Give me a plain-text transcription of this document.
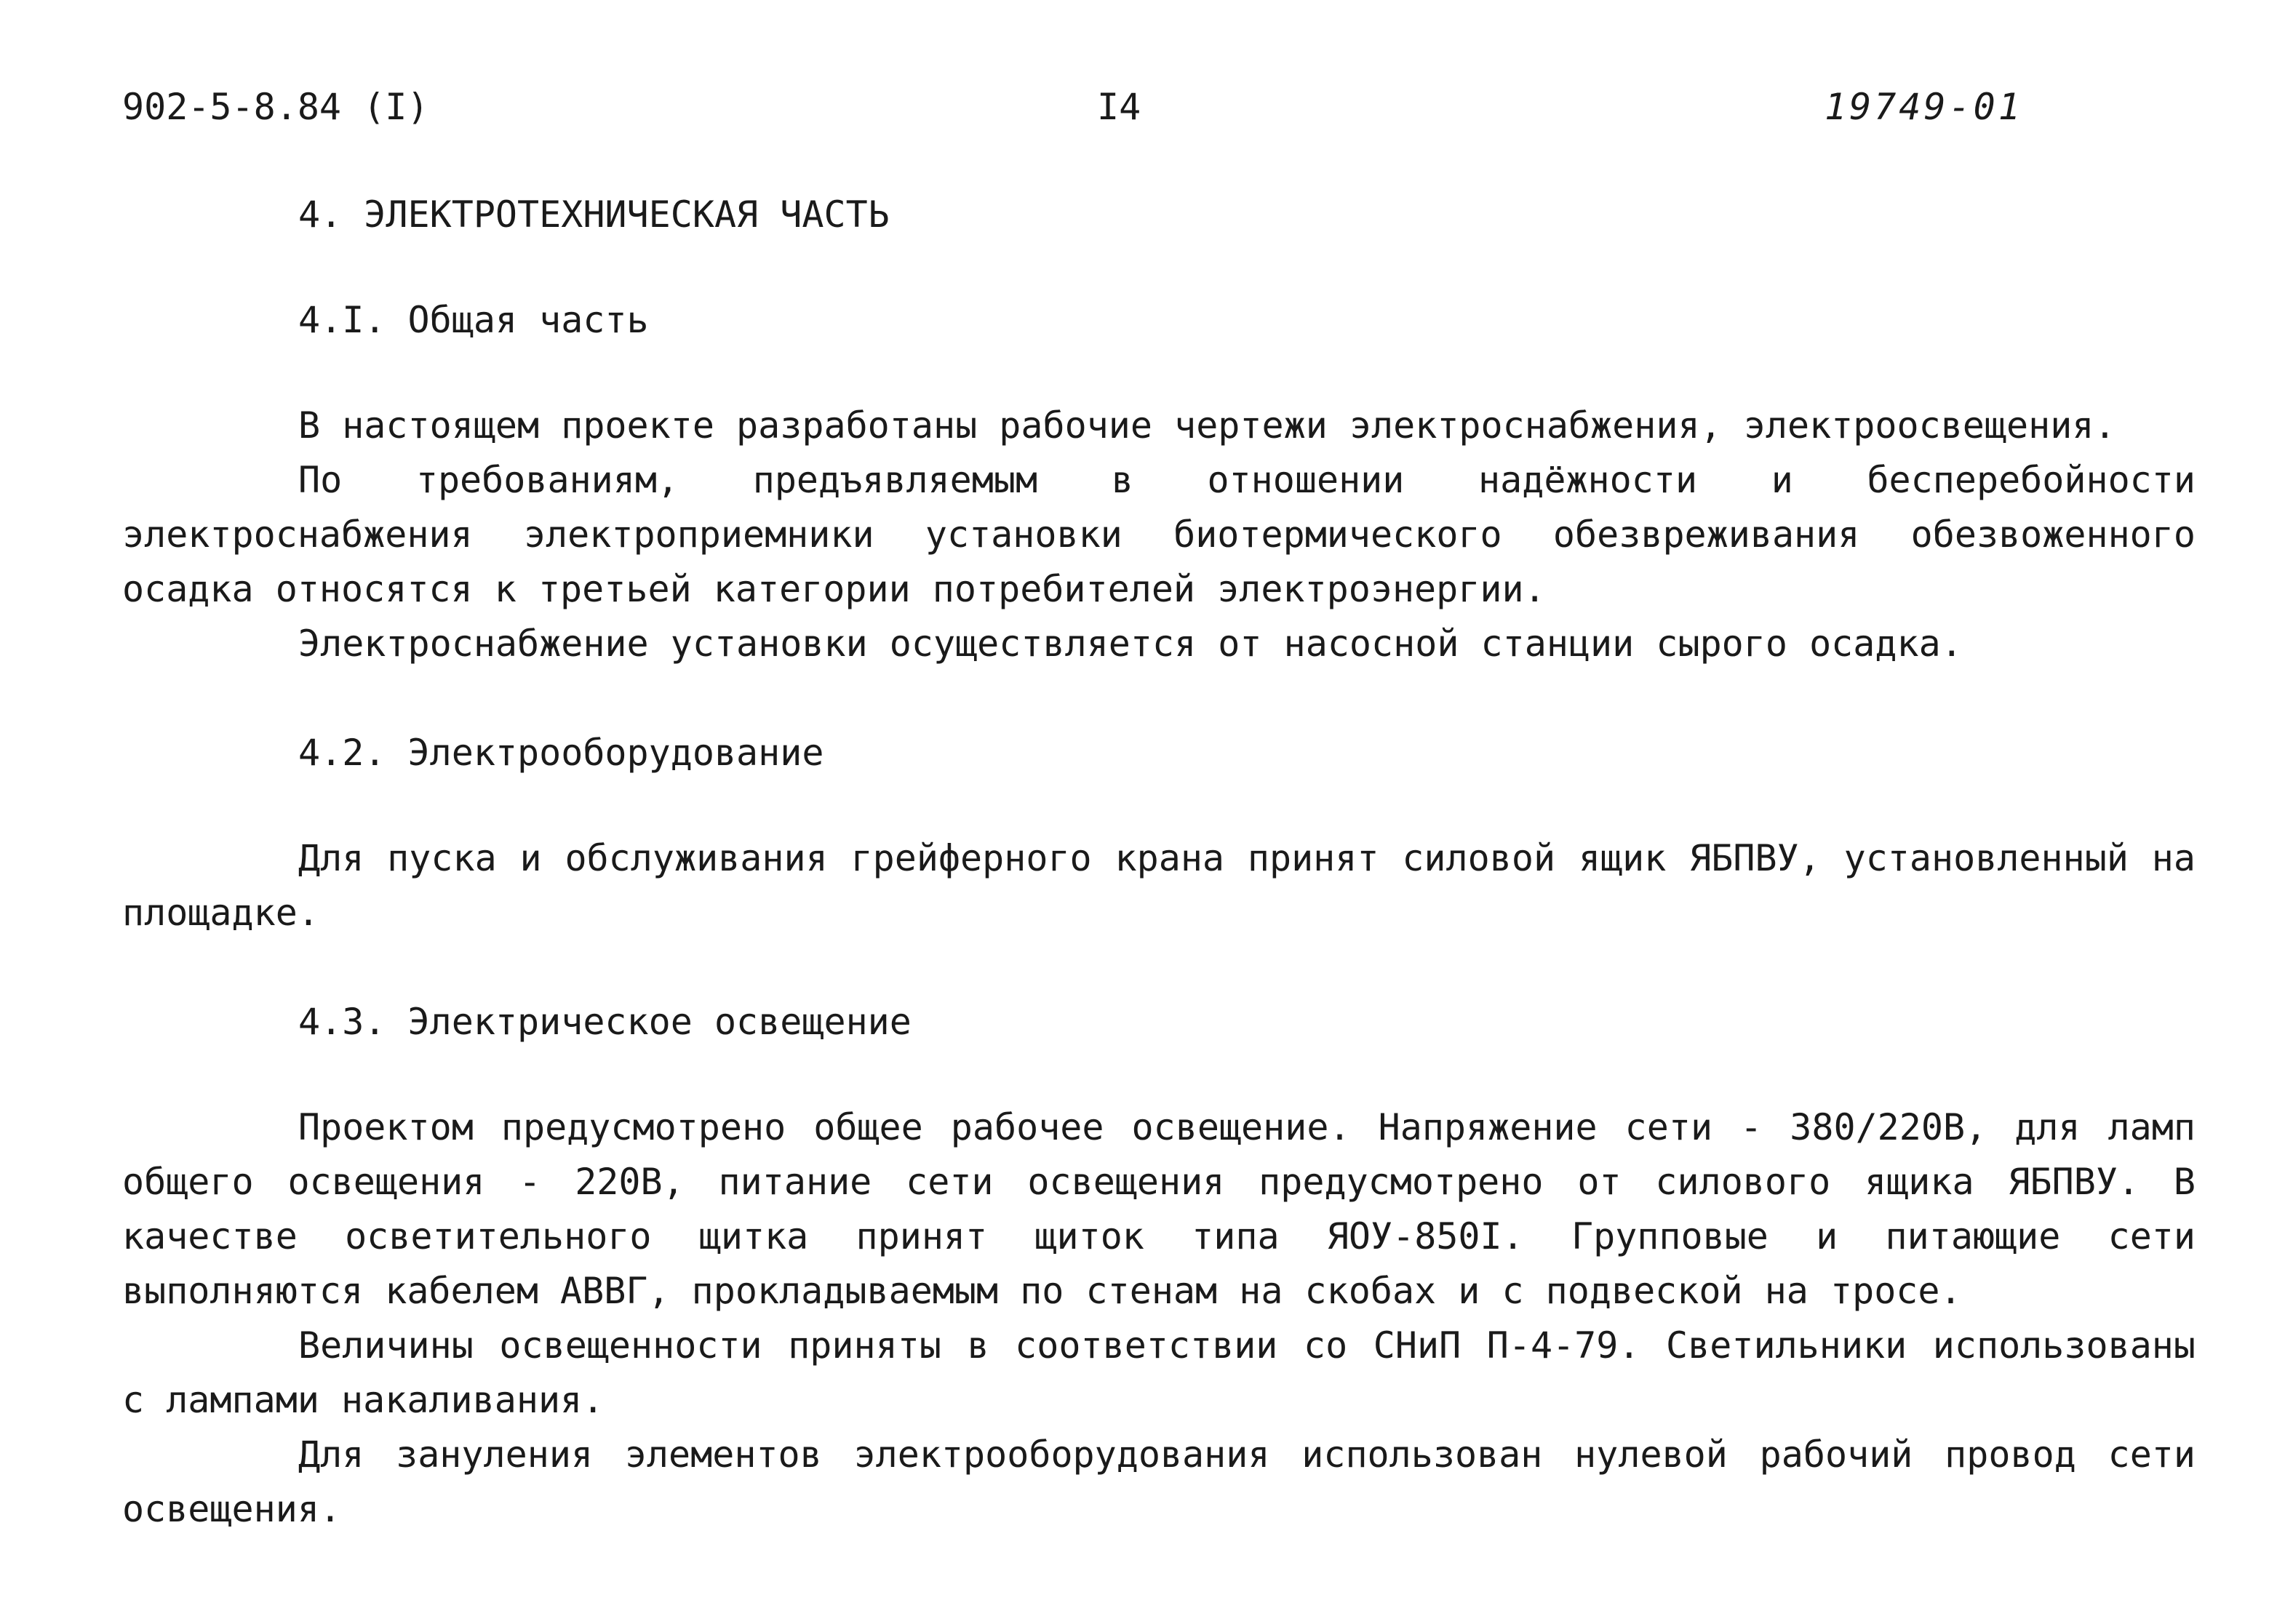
902-5-8.84 (I)	I4	19749-01

4. ЭЛЕКТРОТЕХНИЧЕСКАЯ ЧАСТЬ

4.I. Общая часть

В настоящем проекте разработаны рабочие чертежи электроснабжения, электроосвещения.

По требованиям, предъявляемым в отношении надёжности и бесперебойности электроснабжения электроприемники установки биотермического обезвреживания обезвоженного осадка относятся к третьей категории потребителей электроэнергии.

Электроснабжение установки осуществляется от насосной станции сырого осадка.

4.2. Электрооборудование

Для пуска и обслуживания грейферного крана принят силовой ящик ЯБПВУ, установленный на площадке.

4.3. Электрическое освещение

Проектом предусмотрено общее рабочее освещение. Напряжение сети - 380/220В, для ламп общего освещения - 220В, питание сети освещения предусмотрено от силового ящика ЯБПВУ. В качестве осветительного щитка принят щиток типа ЯОУ-850I. Групповые и питающие сети выполняются кабелем АВВГ, прокладываемым по стенам на скобах и с подвеской на тросе.

Величины освещенности приняты в соответствии со СНиП П-4-79. Светильники использованы с лампами накаливания.

Для зануления элементов электрооборудования использован нулевой рабочий провод сети освещения.
